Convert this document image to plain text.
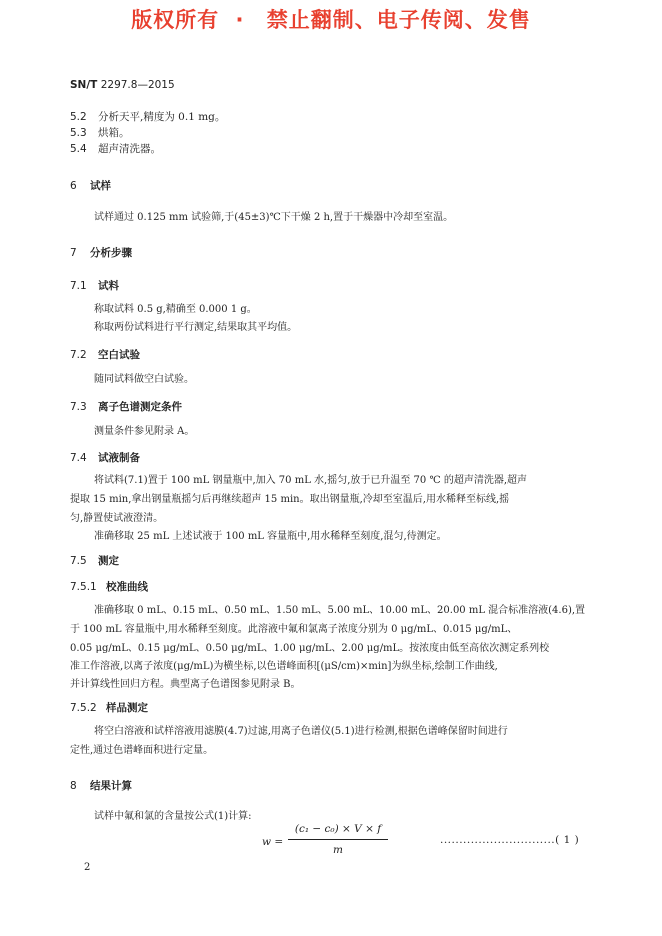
版权所有 · 禁止翻制、电子传阅、发售
SN/T 2297.8—2015
5.2 分析天平,精度为 0.1 mg。
5.3 烘箱。
5.4 超声清洗器。
6 试样
试样通过 0.125 mm 试验筛,于(45±3)℃下干燥 2 h,置于干燥器中冷却至室温。
7 分析步骤
7.1 试料
称取试料 0.5 g,精确至 0.000 1 g。
称取两份试料进行平行测定,结果取其平均值。
7.2 空白试验
随同试料做空白试验。
7.3 离子色谱测定条件
测量条件参见附录 A。
7.4 试液制备
将试料(7.1)置于 100 mL 钢量瓶中,加入 70 mL 水,摇匀,放于已升温至 70 ℃ 的超声清洗器,超声
提取 15 min,拿出钢量瓶摇匀后再继续超声 15 min。取出钢量瓶,冷却至室温后,用水稀释至标线,摇
匀,静置使试液澄清。
准确移取 25 mL 上述试液于 100 mL 容量瓶中,用水稀释至刻度,混匀,待测定。
7.5 测定
7.5.1 校准曲线
准确移取 0 mL、0.15 mL、0.50 mL、1.50 mL、5.00 mL、10.00 mL、20.00 mL 混合标准溶液(4.6),置
于 100 mL 容量瓶中,用水稀释至刻度。此溶液中氟和氯离子浓度分别为 0 μg/mL、0.015 μg/mL、
0.05 μg/mL、0.15 μg/mL、0.50 μg/mL、1.00 μg/mL、2.00 μg/mL。按浓度由低至高依次测定系列校
准工作溶液,以离子浓度(μg/mL)为横坐标,以色谱峰面积[(μS/cm)×min]为纵坐标,绘制工作曲线,
并计算线性回归方程。典型离子色谱图参见附录 B。
7.5.2 样品测定
将空白溶液和试样溶液用滤膜(4.7)过滤,用离子色谱仪(5.1)进行检测,根据色谱峰保留时间进行
定性,通过色谱峰面积进行定量。
8 结果计算
试样中氟和氯的含量按公式(1)计算:
w =
(c₁ − c₀) × V × f
m
..............................( 1 )
2
